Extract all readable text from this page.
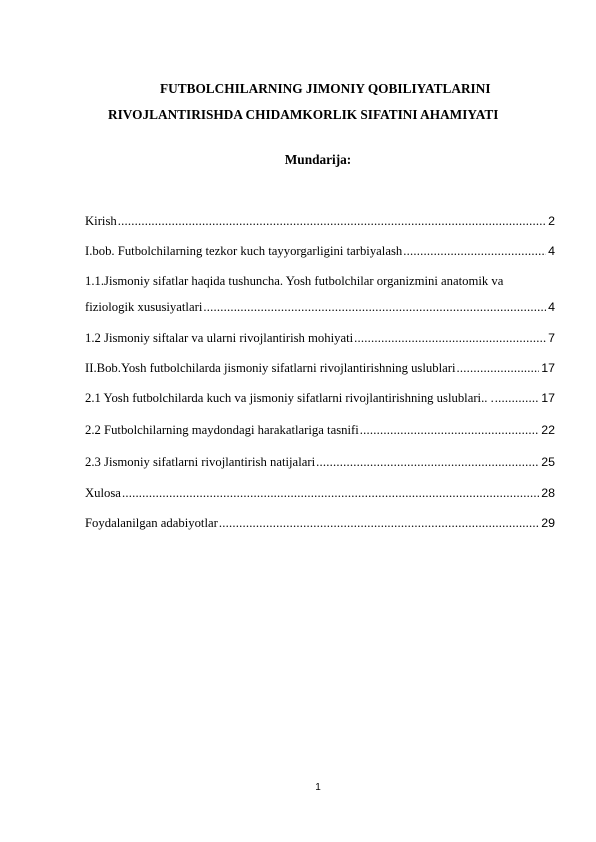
FUTBOLCHILARNING JIMONIY QOBILIYATLARINI
RIVOJLANTIRISHDA CHIDAMKORLIK SIFATINI AHAMIYATI
Mundarija:
Kirish .....	2
I.bob. Futbolchilarning tezkor kuch tayyorgarligini tarbiyalash .....	4
1.1.Jismoniy sifatlar haqida tushuncha. Yosh futbolchilar organizmini anatomik va
fiziologik xususiyatlari .....	4
1.2 Jismoniy siftalar va ularni rivojlantirish mohiyati .....	7
II.Bob.Yosh futbolchilarda jismoniy sifatlarni rivojlantirishning uslublari .....	17
2.1 Yosh futbolchilarda kuch va jismoniy sifatlarni rivojlantirishning uslublari.. . .....	17
2.2 Futbolchilarning maydondagi harakatlariga tasnifi .....	22
2.3 Jismoniy sifatlarni rivojlantirish natijalari .....	25
Xulosa .....	28
Foydalanilgan adabiyotlar .....	29
1
